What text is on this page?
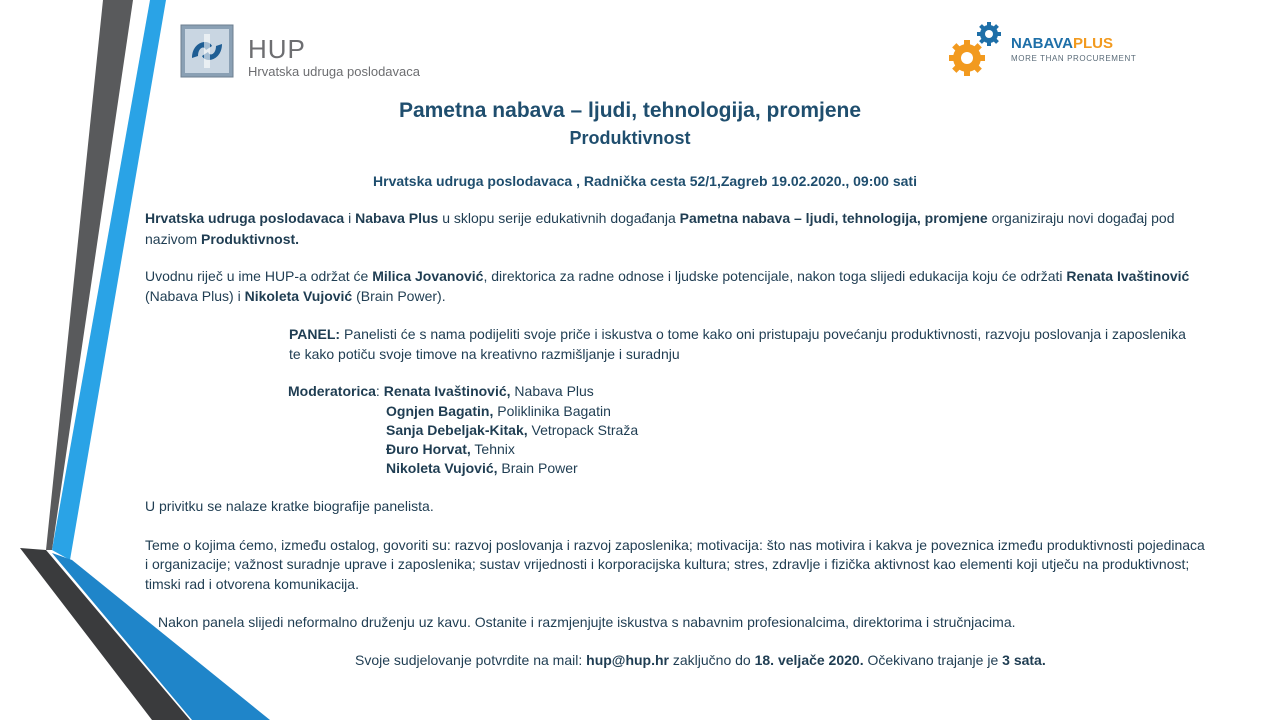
HUP
Hrvatska udruga poslodavaca
NABAVAPLUS
MORE THAN PROCUREMENT
Pametna nabava – ljudi, tehnologija, promjene
Produktivnost
Hrvatska udruga poslodavaca , Radnička cesta 52/1,Zagreb 19.02.2020., 09:00 sati
Hrvatska udruga poslodavaca i Nabava Plus u sklopu serije edukativnih događanja Pametna nabava – ljudi, tehnologija, promjene organiziraju novi događaj pod
nazivom Produktivnost.
Uvodnu riječ u ime HUP-a održat će Milica Jovanović, direktorica za radne odnose i ljudske potencijale, nakon toga slijedi edukacija koju će održati Renata Ivaštinović
(Nabava Plus) i Nikoleta Vujović (Brain Power).
PANEL: Panelisti će s nama podijeliti svoje priče i iskustva o tome kako oni pristupaju povećanju produktivnosti, razvoju poslovanja i zaposlenika
te kako potiču svoje timove na kreativno razmišljanje i suradnju
Moderatorica: Renata Ivaštinović, Nabava Plus
Ognjen Bagatin, Poliklinika Bagatin
Sanja Debeljak-Kitak, Vetropack Straža
Đuro Horvat, Tehnix
Nikoleta Vujović, Brain Power
U privitku se nalaze kratke biografije panelista.
Teme o kojima ćemo, između ostalog, govoriti su: razvoj poslovanja i razvoj zaposlenika; motivacija: što nas motivira i kakva je poveznica između produktivnosti pojedinaca
i organizacije; važnost suradnje uprave i zaposlenika; sustav vrijednosti i korporacijska kultura; stres, zdravlje i fizička aktivnost kao elementi koji utječu na produktivnost;
timski rad i otvorena komunikacija.
Nakon panela slijedi neformalno druženju uz kavu. Ostanite i razmjenjujte iskustva s nabavnim profesionalcima, direktorima i stručnjacima.
Svoje sudjelovanje potvrdite na mail: hup@hup.hr zaključno do 18. veljače 2020. Očekivano trajanje je 3 sata.
